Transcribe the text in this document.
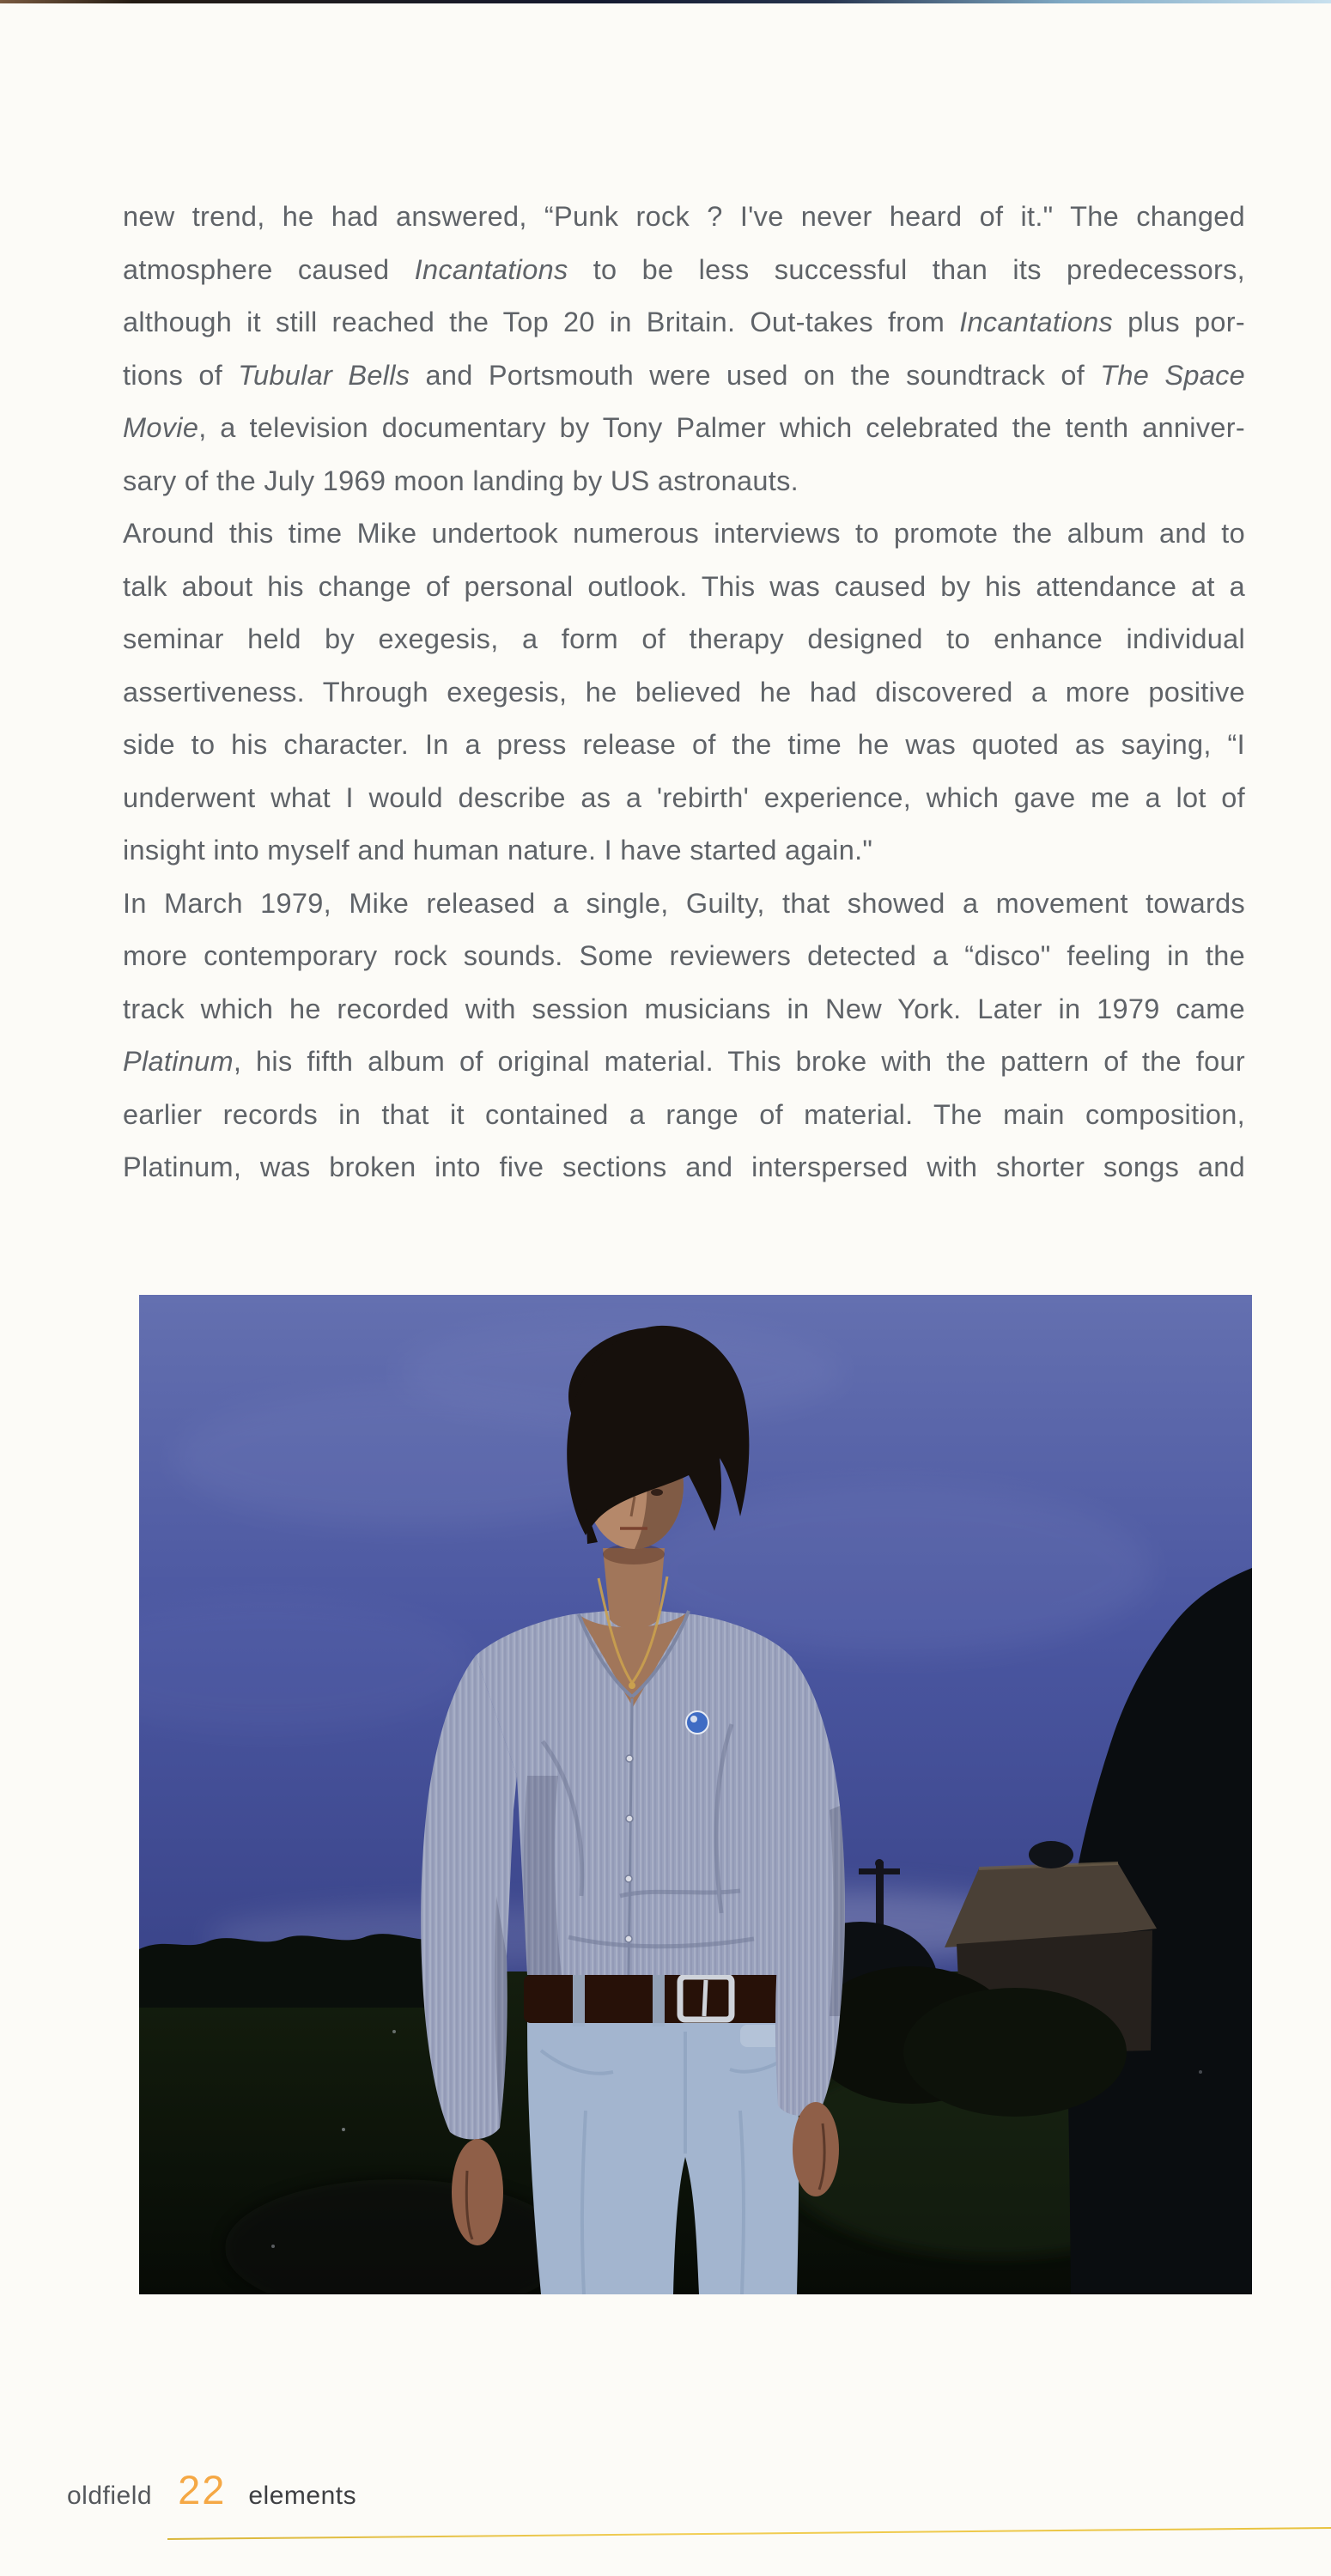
new trend, he had answered, “Punk rock ? I've never heard of it." The changed
atmosphere caused Incantations to be less successful than its predecessors,
although it still reached the Top 20 in Britain. Out-takes from Incantations plus por-
tions of Tubular Bells and Portsmouth were used on the soundtrack of The Space
Movie, a television documentary by Tony Palmer which celebrated the tenth anniver-
sary of the July 1969 moon landing by US astronauts.
Around this time Mike undertook numerous interviews to promote the album and to
talk about his change of personal outlook. This was caused by his attendance at a
seminar held by exegesis, a form of therapy designed to enhance individual
assertiveness. Through exegesis, he believed he had discovered a more positive
side to his character. In a press release of the time he was quoted as saying, “I
underwent what I would describe as a 'rebirth' experience, which gave me a lot of
insight into myself and human nature. I have started again."
In March 1979, Mike released a single, Guilty, that showed a movement towards
more contemporary rock sounds. Some reviewers detected a “disco" feeling in the
track which he recorded with session musicians in New York. Later in 1979 came
Platinum, his fifth album of original material. This broke with the pattern of the four
earlier records in that it contained a range of material. The main composition,
Platinum, was broken into five sections and interspersed with shorter songs and
oldfield 22 elements
